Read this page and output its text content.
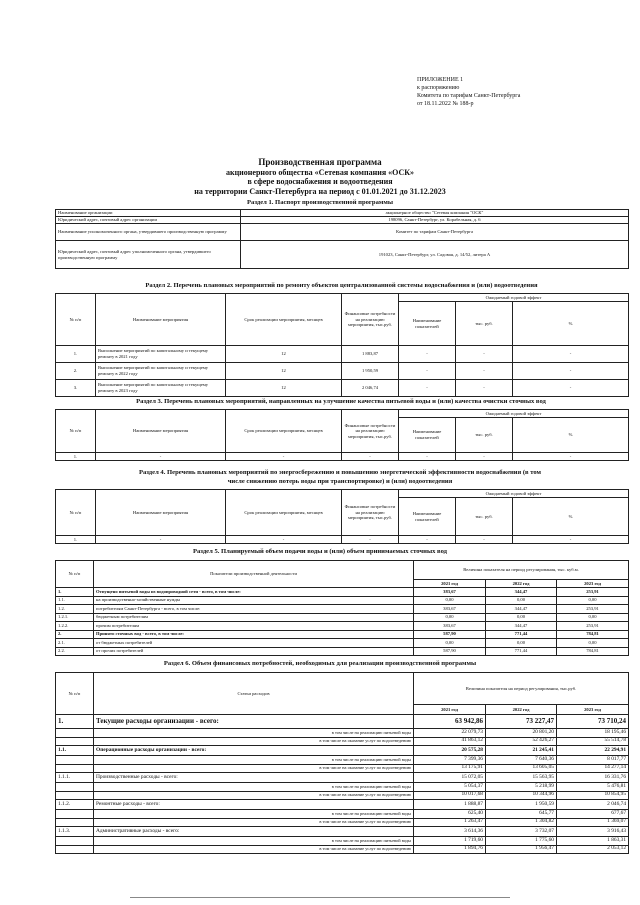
ПРИЛОЖЕНИЕ 1
к распоряжению
Комитета по тарифам Санкт-Петербурга
от 18.11.2022 № 188-р
Производственная программа
акционерного общества «Сетевая компания «ОСК»
в сфере водоснабжения и водоотведения
на территории Санкт-Петербурга на период с 01.01.2021 до 31.12.2023
Раздел 1. Паспорт производственной программы
Наименование организации	акционерное общество "Сетевая компания "ОСК"
Юридический адрес, почтовый адрес организации	198096, Санкт-Петербург, ул. Корабельная, д. 6
Наименование уполномоченного органа, утвердившего производственную программу	Комитет по тарифам Санкт-Петербурга
Юридический адрес, почтовый адрес уполномоченного органа, утвердившего производственную программу	191023, Санкт-Петербург, ул. Садовая, д. 14/52, литера А
Раздел 2. Перечень плановых мероприятий по ремонту объектов централизованной системы водоснабжения и (или) водоотведения
№ п/п	Наименование мероприятия	Срок реализации мероприятия, месяцев	Финансовые потребности на реализацию мероприятия, тыс.руб.	Ожидаемый годовой эффект		
				Наименование показателей	тыс. руб.	%
1.	Выполнение мероприятий по капитальному и текущему ремонту в 2021 году	12	1 883,87	-	-	-
2.	Выполнение мероприятий по капитальному и текущему ремонту в 2022 году	12	1 950,59	-	-	-
3.	Выполнение мероприятий по капитальному и текущему ремонту в 2023 году	12	2 046,74	-	-	-
Раздел 3. Перечень плановых мероприятий, направленных на улучшение качества питьевой воды и (или) качества очистки сточных вод
№ п/п	Наименование мероприятия	Срок реализации мероприятия, месяцев	Финансовые потребности на реализацию мероприятия, тыс.руб.	Ожидаемый годовой эффект		
				Наименование показателей	тыс. руб.	%
1.	-	-	-	-	-	-
Раздел 4. Перечень плановых мероприятий по энергосбережению и повышению энергетической эффективности водоснабжения (в том
числе снижению потерь воды при транспортировке) и (или) водоотведения
№ п/п	Наименование мероприятия	Срок реализации мероприятия, месяцев	Финансовые потребности на реализацию мероприятия, тыс.руб.	Ожидаемый годовой эффект		
				Наименование показателей	тыс. руб.	%
1.	-	-	-	-	-	-
Раздел 5. Планируемый объем подачи воды и (или) объем принимаемых сточных вод
№ п/п	Показатели производственной деятельности	Величина показателя на период регулирования, тыс. куб.м.		
		2021 год	2022 год	2023 год
1.	Отпущено питьевой воды из водопроводной сети - всего, в том числе:	383,67	344,47	253,91
1.1.	на производственно-хозяйственные нужды	0,00	0,00	0,00
1.2.	потребителям Санкт-Петербурга - всего, в том числе:	383,67	344,47	253,91
1.2.1.	бюджетным потребителям	0,00	0,00	0,00
1.2.2.	прочим потребителям	383,67	344,47	253,91
2.	Принято сточных вод - всего, в том числе:	587,90	771,44	784,81
2.1.	от бюджетных потребителей	0,00	0,00	0,00
2.2.	от прочих потребителей	587,90	771,44	784,81
Раздел 6. Объем финансовых потребностей, необходимых для реализации производственной программы
№ п/п	Статьи расходов	Величина показателя на период регулирования, тыс.руб.		
		2021 год	2022 год	2023 год
1.	Текущие расходы организации - всего:	63 942,86	73 227,47	73 710,24
	в том числе на реализацию питьевой воды	22 079,73	20 801,20	18 195,46
	в том числе на оказание услуг по водоотведению	41 863,12	52 426,27	55 514,78
1.1.	Операционные расходы организации - всего:	20 575,28	21 245,41	22 294,91
	в том числе на реализацию питьевой воды	7 399,36	7 640,36	8 017,77
	в том числе на оказание услуг по водоотведению	13 175,91	13 605,05	14 277,14
1.1.1.	Производственные расходы - всего:	15 072,05	15 563,95	16 331,76
	в том числе на реализацию питьевой воды	5 054,37	5 218,99	5 476,81
	в том числе на оказание услуг по водоотведению	10 017,68	10 344,96	10 854,95
1.1.2.	Ремонтные расходы - всего:	1 888,87	1 950,59	2 046,74
	в том числе на реализацию питьевой воды	625,40	645,77	677,67
	в том числе на оказание услуг по водоотведению	1 263,47	1 304,82	1 369,07
1.1.3.	Административные расходы - всего:	3 614,36	3 732,07	3 916,43
	в том числе на реализацию питьевой воды	1 719,60	1 775,60	1 863,31
	в том числе на оказание услуг по водоотведению	1 894,76	1 956,47	2 053,12
